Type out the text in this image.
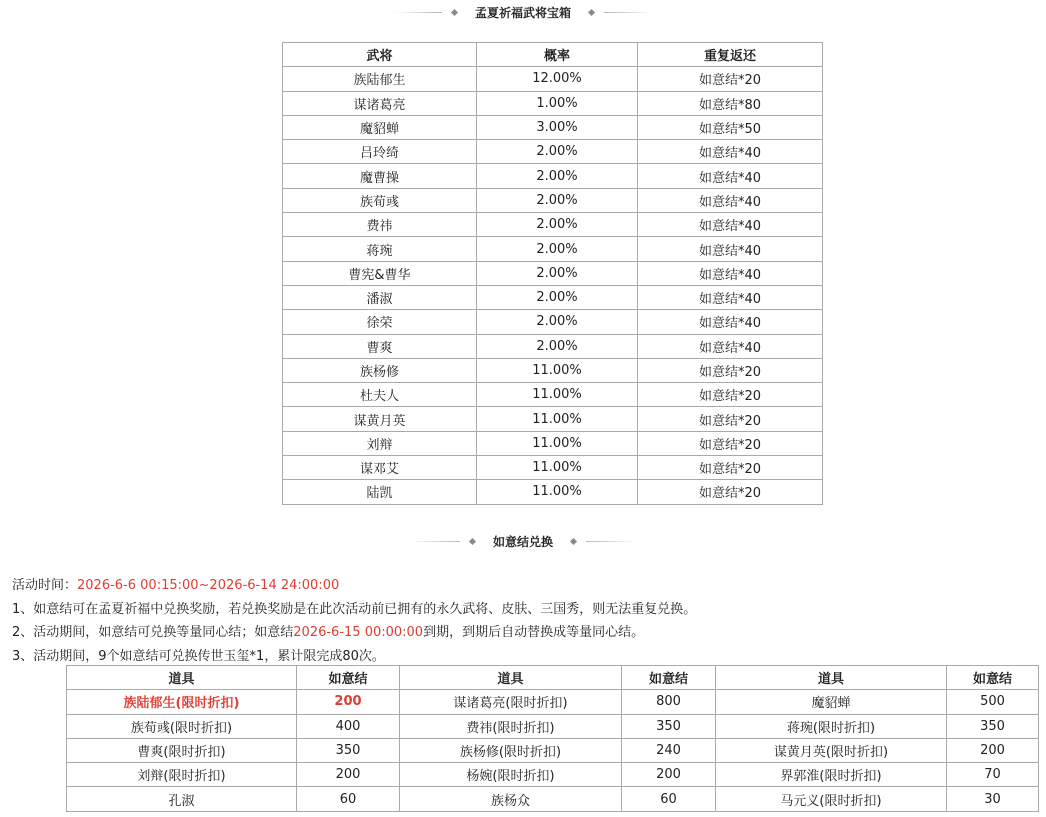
孟夏祈福武将宝箱
武将	概率	重复返还
族陆郁生	12.00%	如意结*20
谋诸葛亮	1.00%	如意结*80
魔貂蝉	3.00%	如意结*50
吕玲绮	2.00%	如意结*40
魔曹操	2.00%	如意结*40
族荀彧	2.00%	如意结*40
费祎	2.00%	如意结*40
蒋琬	2.00%	如意结*40
曹宪&曹华	2.00%	如意结*40
潘淑	2.00%	如意结*40
徐荣	2.00%	如意结*40
曹爽	2.00%	如意结*40
族杨修	11.00%	如意结*20
杜夫人	11.00%	如意结*20
谋黄月英	11.00%	如意结*20
刘辩	11.00%	如意结*20
谋邓艾	11.00%	如意结*20
陆凯	11.00%	如意结*20
如意结兑换

活动时间：2026-6-6 00:15:00~2026-6-14 24:00:00

1、如意结可在孟夏祈福中兑换奖励，若兑换奖励是在此次活动前已拥有的永久武将、皮肤、三国秀，则无法重复兑换。

2、活动期间，如意结可兑换等量同心结；如意结2026-6-15 00:00:00到期，到期后自动替换成等量同心结。

3、活动期间，9个如意结可兑换传世玉玺*1，累计限完成80次。

道具	如意结	道具	如意结	道具	如意结
族陆郁生(限时折扣)	200	谋诸葛亮(限时折扣)	800	魔貂蝉	500
族荀彧(限时折扣)	400	费祎(限时折扣)	350	蒋琬(限时折扣)	350
曹爽(限时折扣)	350	族杨修(限时折扣)	240	谋黄月英(限时折扣)	200
刘辩(限时折扣)	200	杨婉(限时折扣)	200	界郭淮(限时折扣)	70
孔淑	60	族杨众	60	马元义(限时折扣)	30
